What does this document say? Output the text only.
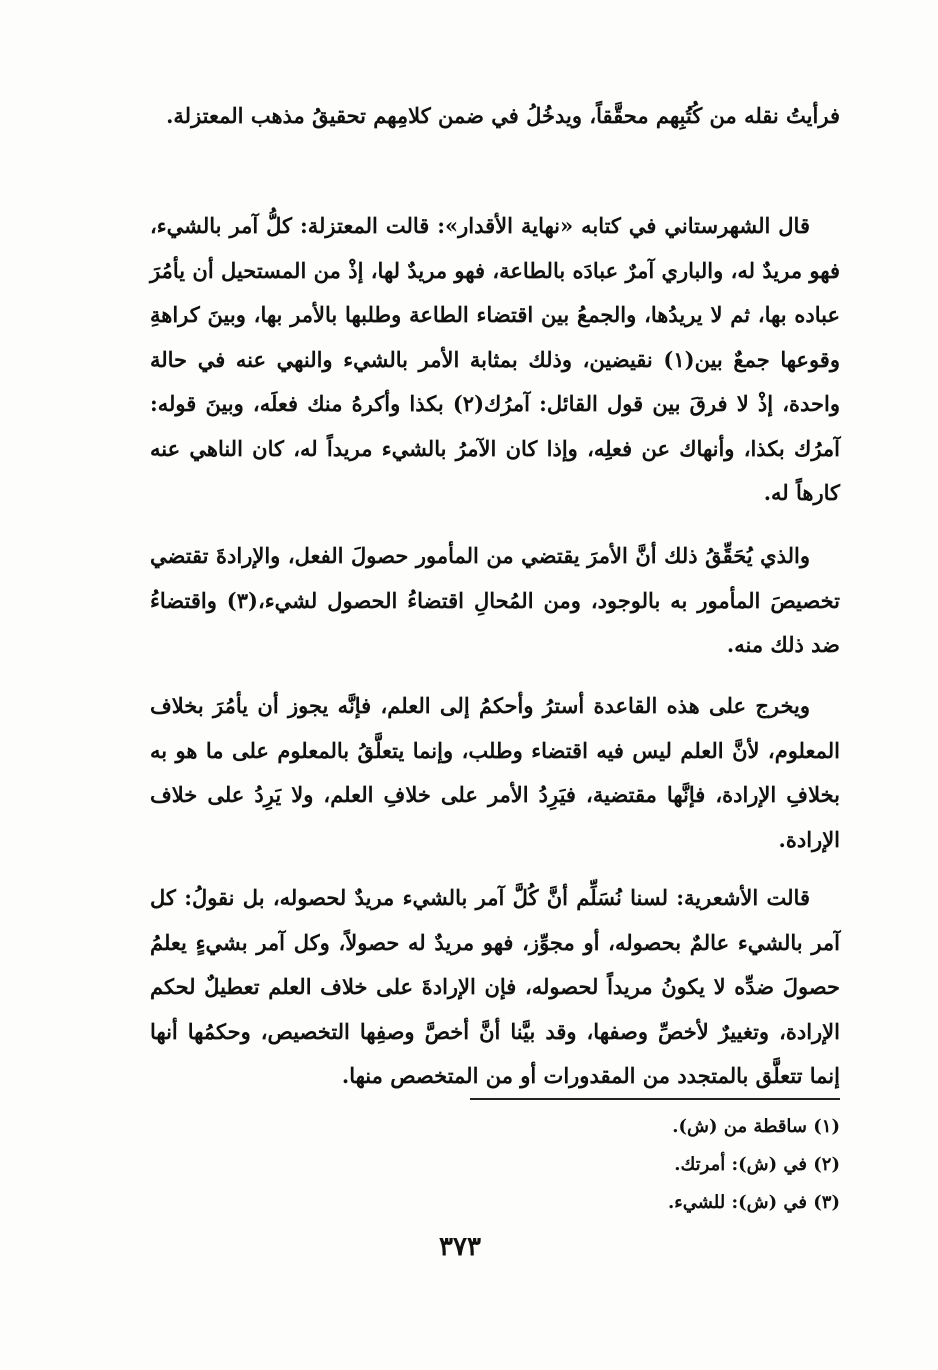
فرأيتُ نقله من كُتُبِهم محقَّقاً، ويدخُلُ في ضمن كلامِهم تحقيقُ مذهب المعتزلة.

قال الشهرستاني في كتابه «نهاية الأقدار»: قالت المعتزلة: كلُّ آمر بالشيء، فهو مريدٌ له، والباري آمرٌ عبادَه بالطاعة، فهو مريدٌ لها، إذْ من المستحيل أن يأمُرَ عباده بها، ثم لا يريدُها، والجمعُ بين اقتضاء الطاعة وطلبها بالأمر بها، وبينَ كراهةِ وقوعها جمعٌ بين(١) نقيضين، وذلك بمثابة الأمر بالشيء والنهي عنه في حالة واحدة، إذْ لا فرقَ بين قول القائل: آمرُك(٢) بكذا وأكرهُ منك فعلَه، وبينَ قوله: آمرُك بكذا، وأنهاك عن فعلِه، وإذا كان الآمرُ بالشيء مريداً له، كان الناهي عنه كارهاً له.

والذي يُحَقِّقُ ذلك أنَّ الأمرَ يقتضي من المأمور حصولَ الفعل، والإرادةَ تقتضي تخصيصَ المأمور به بالوجود، ومن المُحالِ اقتضاءُ الحصول لشيء،(٣) واقتضاءُ ضد ذلك منه.

ويخرج على هذه القاعدة أسترُ وأحكمُ إلى العلم، فإنَّه يجوز أن يأمُرَ بخلاف المعلوم، لأنَّ العلم ليس فيه اقتضاء وطلب، وإنما يتعلَّقُ بالمعلوم على ما هو به بخلافِ الإرادة، فإنَّها مقتضية، فيَرِدُ الأمر على خلافِ العلم، ولا يَرِدُ على خلاف الإرادة.

قالت الأشعرية: لسنا نُسَلِّم أنَّ كُلَّ آمر بالشيء مريدٌ لحصوله، بل نقولُ: كل آمر بالشيء عالمٌ بحصوله، أو مجوِّز، فهو مريدٌ له حصولاً، وكل آمر بشيءٍ يعلمُ حصولَ ضدِّه لا يكونُ مريداً لحصوله، فإن الإرادةَ على خلاف العلم تعطيلٌ لحكم الإرادة، وتغييرٌ لأخصِّ وصفها، وقد بيَّنا أنَّ أخصَّ وصفِها التخصيص، وحكمُها أنها إنما تتعلَّق بالمتجدد من المقدورات أو من المتخصص منها.

(١) ساقطة من (ش).

(٢) في (ش): أمرتك.

(٣) في (ش): للشيء.

٣٧٣
